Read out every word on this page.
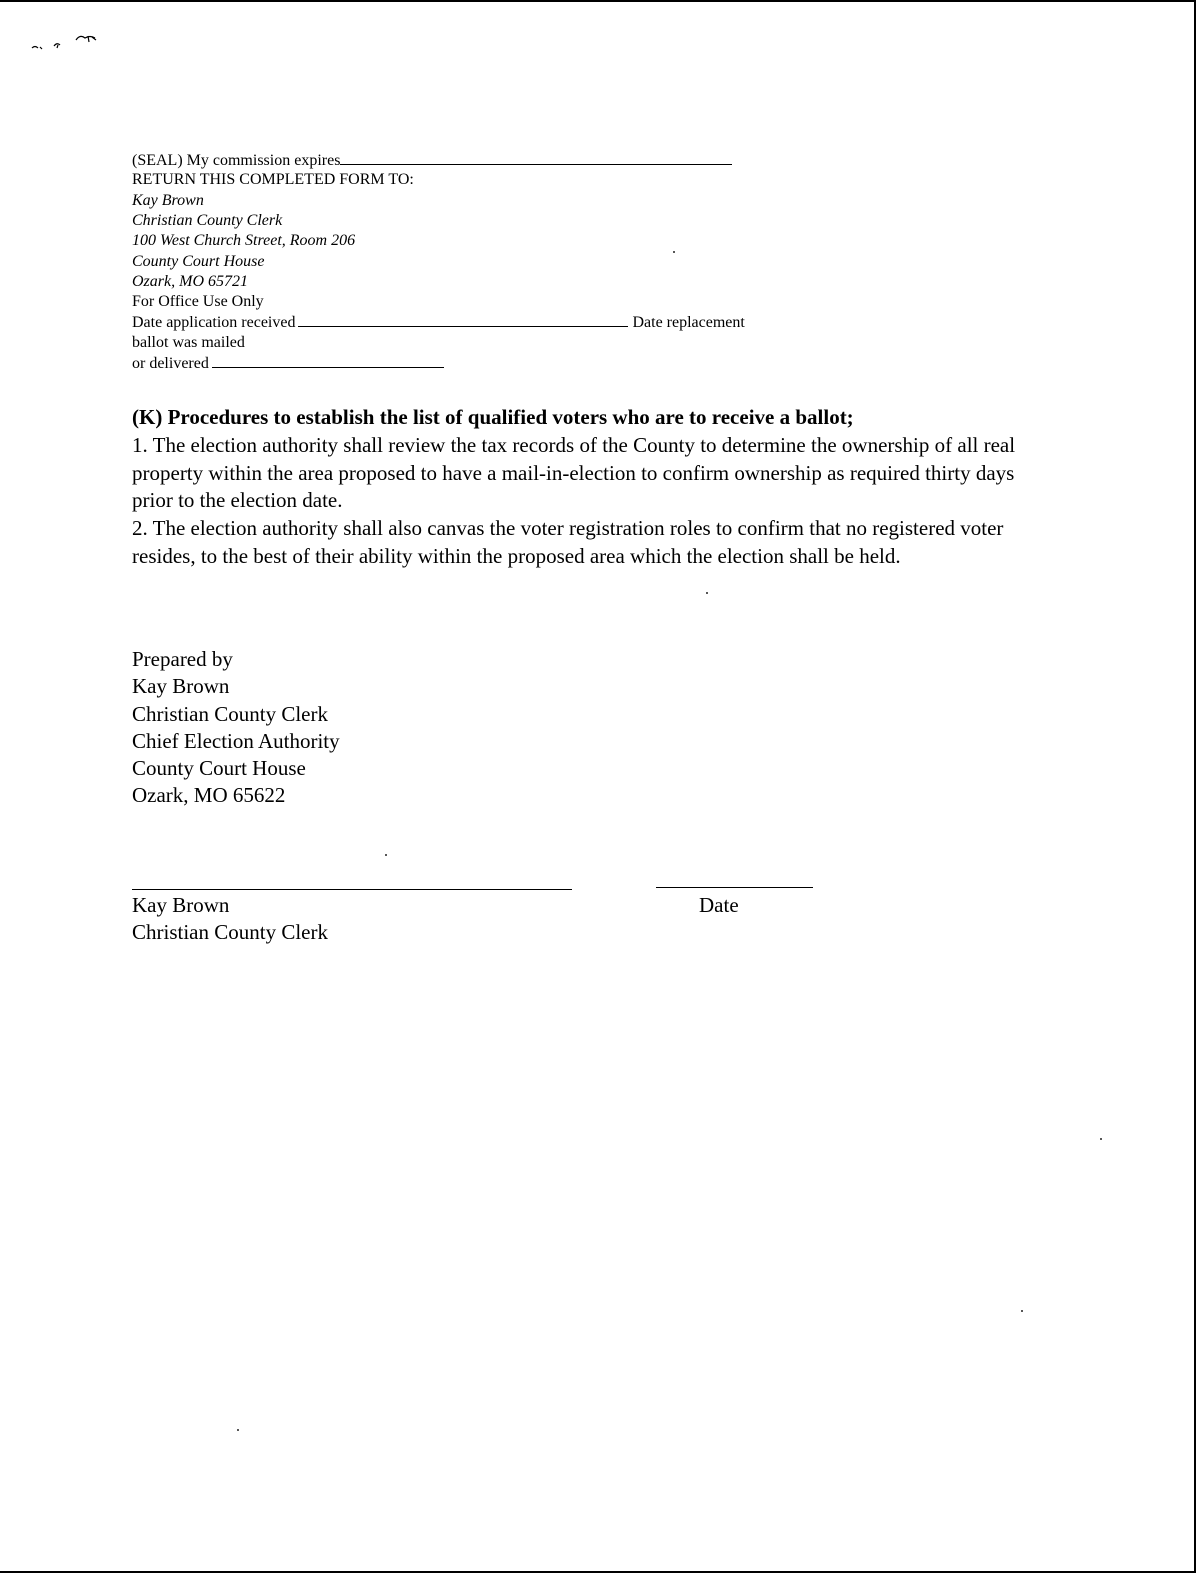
(SEAL) My commission expires
RETURN THIS COMPLETED FORM TO:
Kay Brown
Christian County Clerk
100 West Church Street, Room 206
County Court House
Ozark, MO 65721
For Office Use Only
Date application received	Date replacement
ballot was mailed
or delivered
(K) Procedures to establish the list of qualified voters who are to receive a ballot;
1. The election authority shall review the tax records of the County to determine the ownership of all real property within the area proposed to have a mail-in-election to confirm ownership as required thirty days prior to the election date.
2. The election authority shall also canvas the voter registration roles to confirm that no registered voter resides, to the best of their ability within the proposed area which the election shall be held.
Prepared by
Kay Brown
Christian County Clerk
Chief Election Authority
County Court House
Ozark, MO 65622
Kay Brown
Christian County Clerk
Date
